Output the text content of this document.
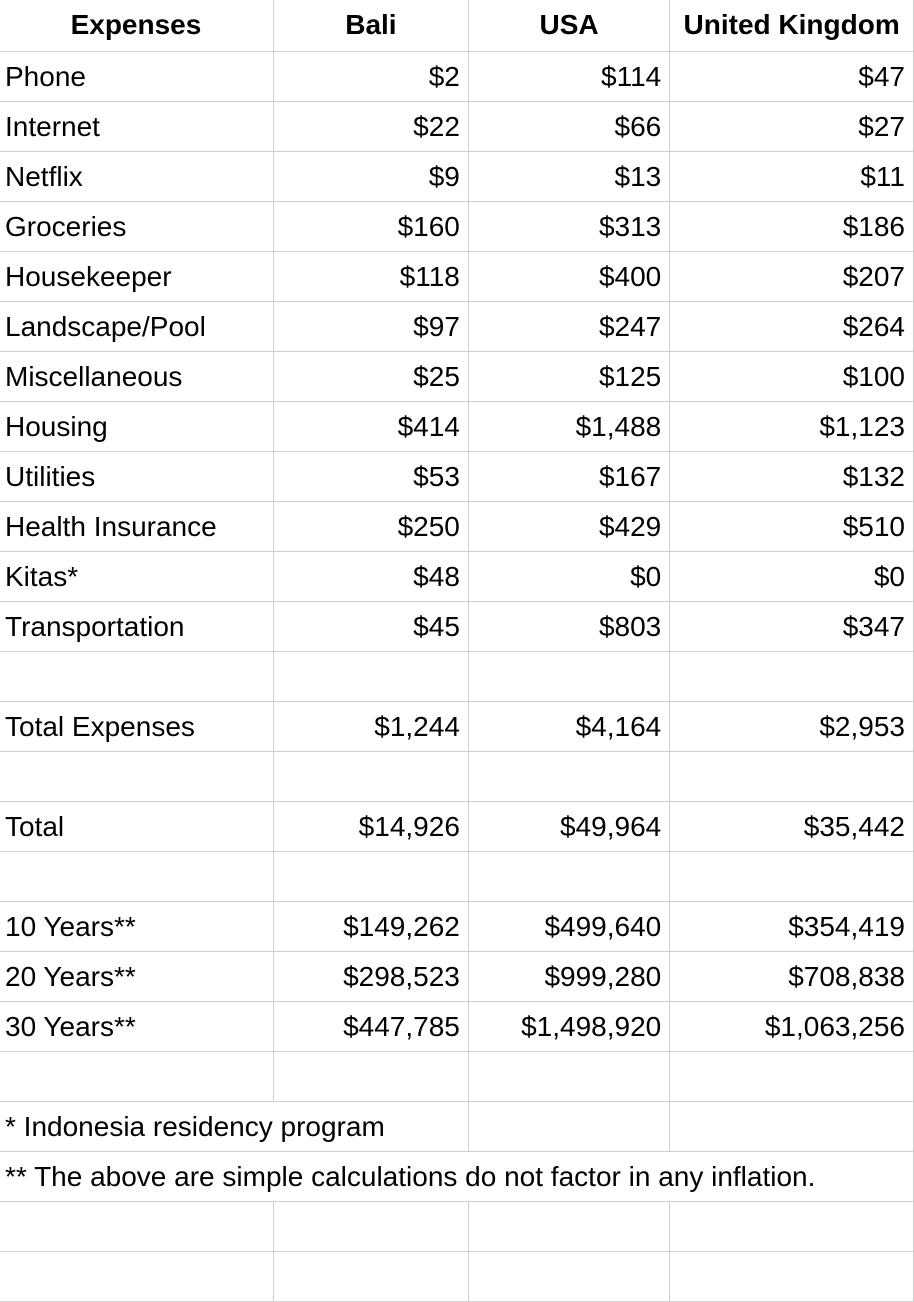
Expenses	Bali	USA	United Kingdom
Phone	$2	$114	$47
Internet	$22	$66	$27
Netflix	$9	$13	$11
Groceries	$160	$313	$186
Housekeeper	$118	$400	$207
Landscape/Pool	$97	$247	$264
Miscellaneous	$25	$125	$100
Housing	$414	$1,488	$1,123
Utilities	$53	$167	$132
Health Insurance	$250	$429	$510
Kitas*	$48	$0	$0
Transportation	$45	$803	$347

Total Expenses	$1,244	$4,164	$2,953

Total	$14,926	$49,964	$35,442

10 Years**	$149,262	$499,640	$354,419
20 Years**	$298,523	$999,280	$708,838
30 Years**	$447,785	$1,498,920	$1,063,256

* Indonesia residency program			
** The above are simple calculations do not factor in any inflation.			
